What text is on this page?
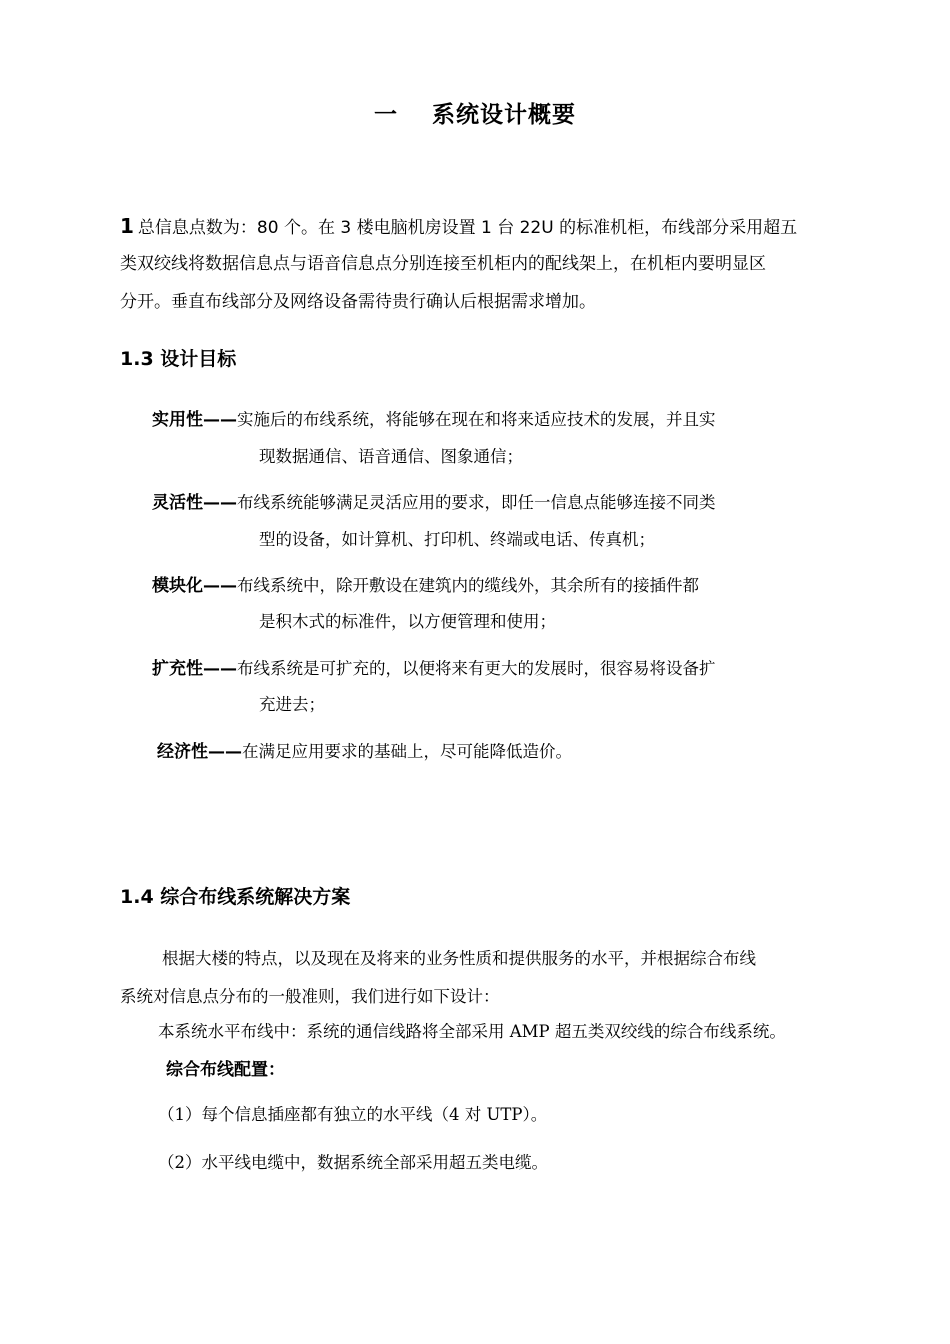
一 系统设计概要
1 总信息点数为：80 个。在 3 楼电脑机房设置 1 台 22U 的标准机柜，布线部分采用超五
类双绞线将数据信息点与语音信息点分别连接至机柜内的配线架上，在机柜内要明显区
分开。垂直布线部分及网络设备需待贵行确认后根据需求增加。
1.3 设计目标
实用性——实施后的布线系统，将能够在现在和将来适应技术的发展，并且实
现数据通信、语音通信、图象通信；
灵活性——布线系统能够满足灵活应用的要求，即任一信息点能够连接不同类
型的设备，如计算机、打印机、终端或电话、传真机；
模块化——布线系统中，除开敷设在建筑内的缆线外，其余所有的接插件都
是积木式的标准件，以方便管理和使用；
扩充性——布线系统是可扩充的，以便将来有更大的发展时，很容易将设备扩
充进去；
经济性——在满足应用要求的基础上，尽可能降低造价。
1.4 综合布线系统解决方案
根据大楼的特点，以及现在及将来的业务性质和提供服务的水平，并根据综合布线
系统对信息点分布的一般准则，我们进行如下设计：
本系统水平布线中：系统的通信线路将全部采用 AMP 超五类双绞线的综合布线系统。
综合布线配置：
（1）每个信息插座都有独立的水平线（4 对 UTP）。
（2）水平线电缆中，数据系统全部采用超五类电缆。
